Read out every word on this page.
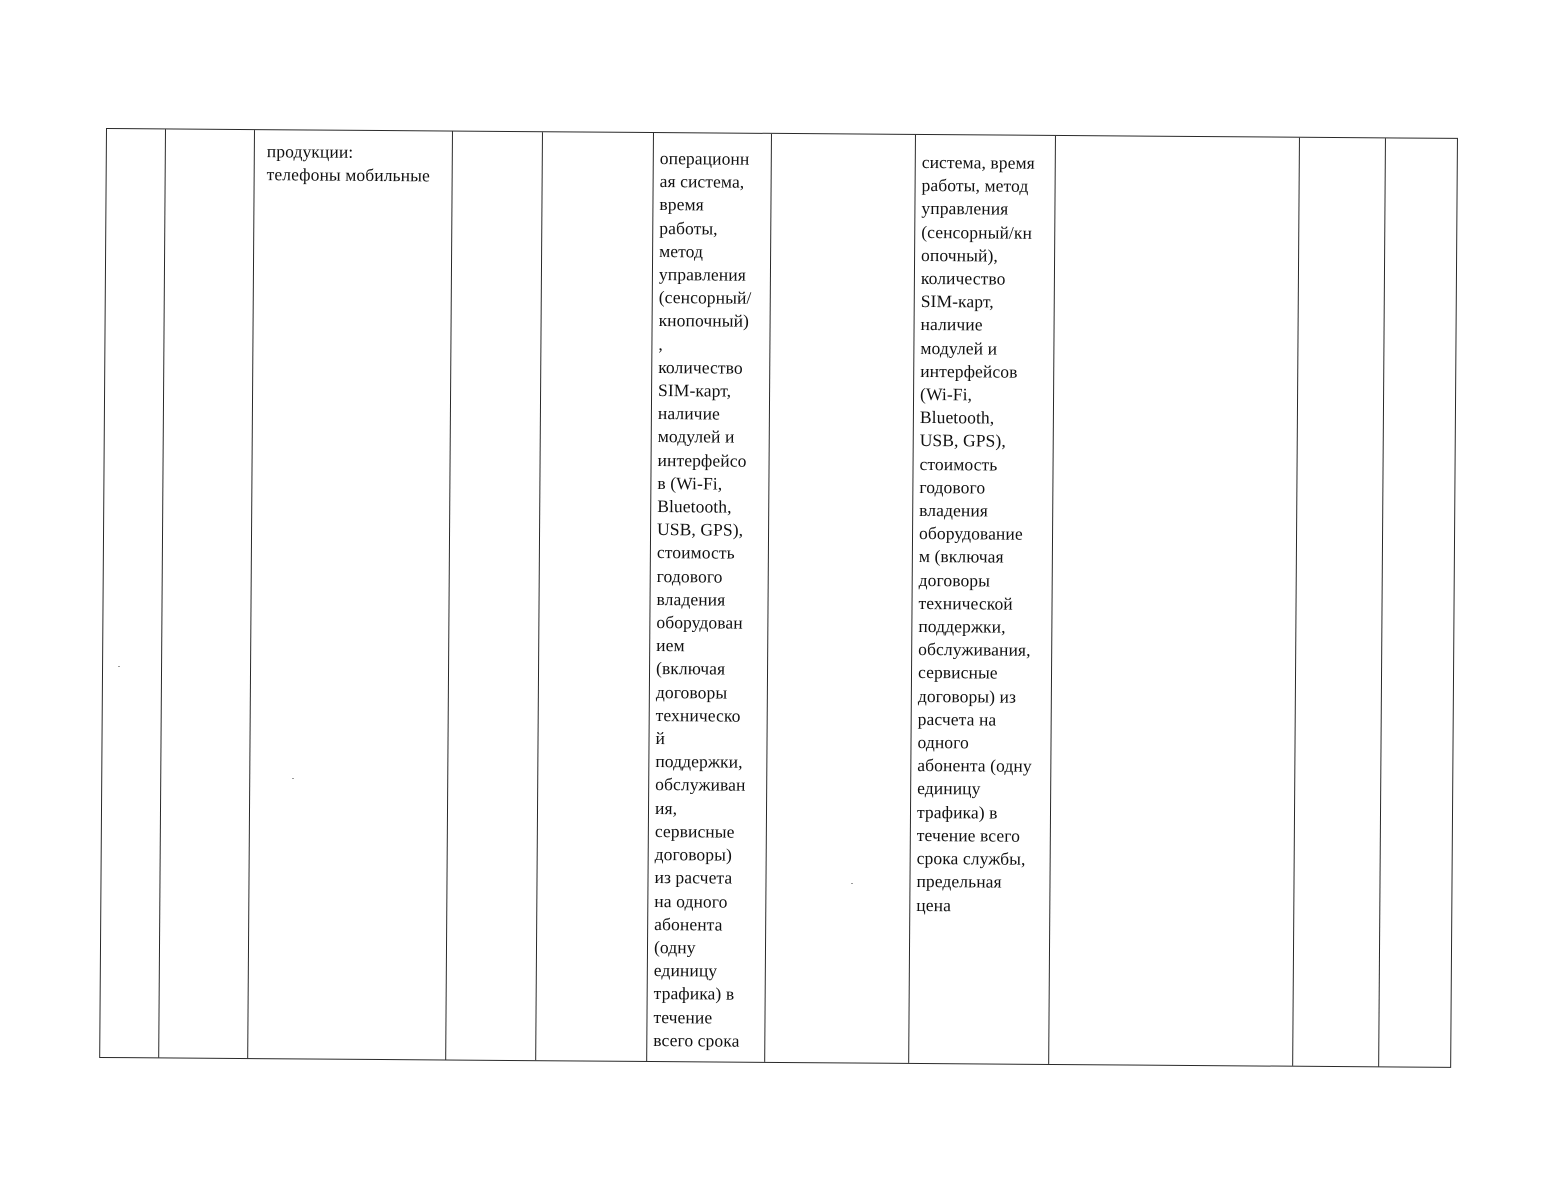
продукции:
телефоны мобильные
операционн
ая система,
время
работы,
метод
управления
(сенсорный/
кнопочный)
,
количество
SIM-карт,
наличие
модулей и
интерфейсо
в (Wi-Fi,
Bluetooth,
USB, GPS),
стоимость
годового
владения
оборудован
ием
(включая
договоры
техническо
й
поддержки,
обслуживан
ия,
сервисные
договоры)
из расчета
на одного
абонента
(одну
единицу
трафика) в
течение
всего срока
система, время
работы, метод
управления
(сенсорный/кн
опочный),
количество
SIM-карт,
наличие
модулей и
интерфейсов
(Wi-Fi,
Bluetooth,
USB, GPS),
стоимость
годового
владения
оборудование
м (включая
договоры
технической
поддержки,
обслуживания,
сервисные
договоры) из
расчета на
одного
абонента (одну
единицу
трафика) в
течение всего
срока службы,
предельная
цена
